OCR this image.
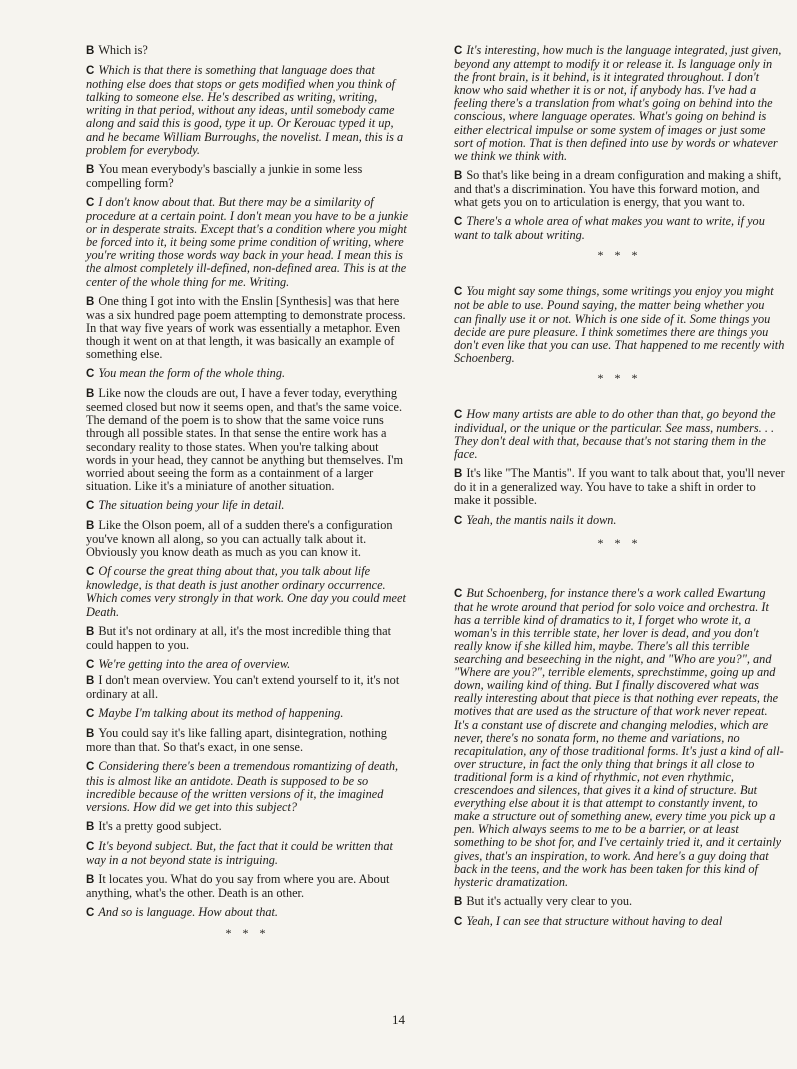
B Which is?

C Which is that there is something that language does that nothing else does that stops or gets modified when you think of talking to someone else. He's described as writing, writing, writing in that period, without any ideas, until somebody came along and said this is good, type it up. Or Kerouac typed it up, and he became William Burroughs, the novelist. I mean, this is a problem for everybody.

B You mean everybody's bascially a junkie in some less compelling form?

C I don't know about that. But there may be a similarity of procedure at a certain point. I don't mean you have to be a junkie or in desperate straits. Except that's a condition where you might be forced into it, it being some prime condition of writing, where you're writing those words way back in your head. I mean this is the almost completely ill-defined, non-defined area. This is at the center of the whole thing for me. Writing.

B One thing I got into with the Enslin [Synthesis] was that here was a six hundred page poem attempting to demonstrate process. In that way five years of work was essentially a metaphor. Even though it went on at that length, it was basically an example of something else.

C You mean the form of the whole thing.

B Like now the clouds are out, I have a fever today, everything seemed closed but now it seems open, and that's the same voice. The demand of the poem is to show that the same voice runs through all possible states. In that sense the entire work has a secondary reality to those states. When you're talking about words in your head, they cannot be anything but themselves. I'm worried about seeing the form as a containment of a larger situation. Like it's a miniature of another situation.

C The situation being your life in detail.

B Like the Olson poem, all of a sudden there's a configuration you've known all along, so you can actually talk about it. Obviously you know death as much as you can know it.

C Of course the great thing about that, you talk about life knowledge, is that death is just another ordinary occurrence. Which comes very strongly in that work. One day you could meet Death.

B But it's not ordinary at all, it's the most incredible thing that could happen to you.

C We're getting into the area of overview.

B I don't mean overview. You can't extend yourself to it, it's not ordinary at all.

C Maybe I'm talking about its method of happening.

B You could say it's like falling apart, disintegration, nothing more than that. So that's exact, in one sense.

C Considering there's been a tremendous romantizing of death, this is almost like an antidote. Death is supposed to be so incredible because of the written versions of it, the imagined versions. How did we get into this subject?

B It's a pretty good subject.

C It's beyond subject. But, the fact that it could be written that way in a not beyond state is intriguing.

B It locates you. What do you say from where you are. About anything, what's the other. Death is an other.

C And so is language. How about that.

* * *

C It's interesting, how much is the language integrated, just given, beyond any attempt to modify it or release it. Is language only in the front brain, is it behind, is it integrated throughout. I don't know who said whether it is or not, if anybody has. I've had a feeling there's a translation from what's going on behind into the conscious, where language operates. What's going on behind is either electrical impulse or some system of images or just some sort of motion. That is then defined into use by words or whatever we think we think with.

B So that's like being in a dream configuration and making a shift, and that's a discrimination. You have this forward motion, and what gets you on to articulation is energy, that you want to.

C There's a whole area of what makes you want to write, if you want to talk about writing.

* * *

C You might say some things, some writings you enjoy you might not be able to use. Pound saying, the matter being whether you can finally use it or not. Which is one side of it. Some things you decide are pure pleasure. I think sometimes there are things you don't even like that you can use. That happened to me recently with Schoenberg.

* * *

C How many artists are able to do other than that, go beyond the individual, or the unique or the particular. See mass, numbers. . . They don't deal with that, because that's not staring them in the face.

B It's like "The Mantis". If you want to talk about that, you'll never do it in a generalized way. You have to take a shift in order to make it possible.

C Yeah, the mantis nails it down.

* * *

C But Schoenberg, for instance there's a work called Ewartung that he wrote around that period for solo voice and orchestra. It has a terrible kind of dramatics to it, I forget who wrote it, a woman's in this terrible state, her lover is dead, and you don't really know if she killed him, maybe. There's all this terrible searching and beseeching in the night, and "Who are you?", and "Where are you?", terrible elements, sprechstimme, going up and down, wailing kind of thing. But I finally discovered what was really interesting about that piece is that nothing ever repeats, the motives that are used as the structure of that work never repeat. It's a constant use of discrete and changing melodies, which are never, there's no sonata form, no theme and variations, no recapitulation, any of those traditional forms. It's just a kind of all-over structure, in fact the only thing that brings it all close to traditional form is a kind of rhythmic, not even rhythmic, crescendoes and silences, that gives it a kind of structure. But everything else about it is that attempt to constantly invent, to make a structure out of something anew, every time you pick up a pen. Which always seems to me to be a barrier, or at least something to be shot for, and I've certainly tried it, and it certainly gives, that's an inspiration, to work. And here's a guy doing that back in the teens, and the work has been taken for this kind of hysteric dramatization.

B But it's actually very clear to you.

C Yeah, I can see that structure without having to deal

14
